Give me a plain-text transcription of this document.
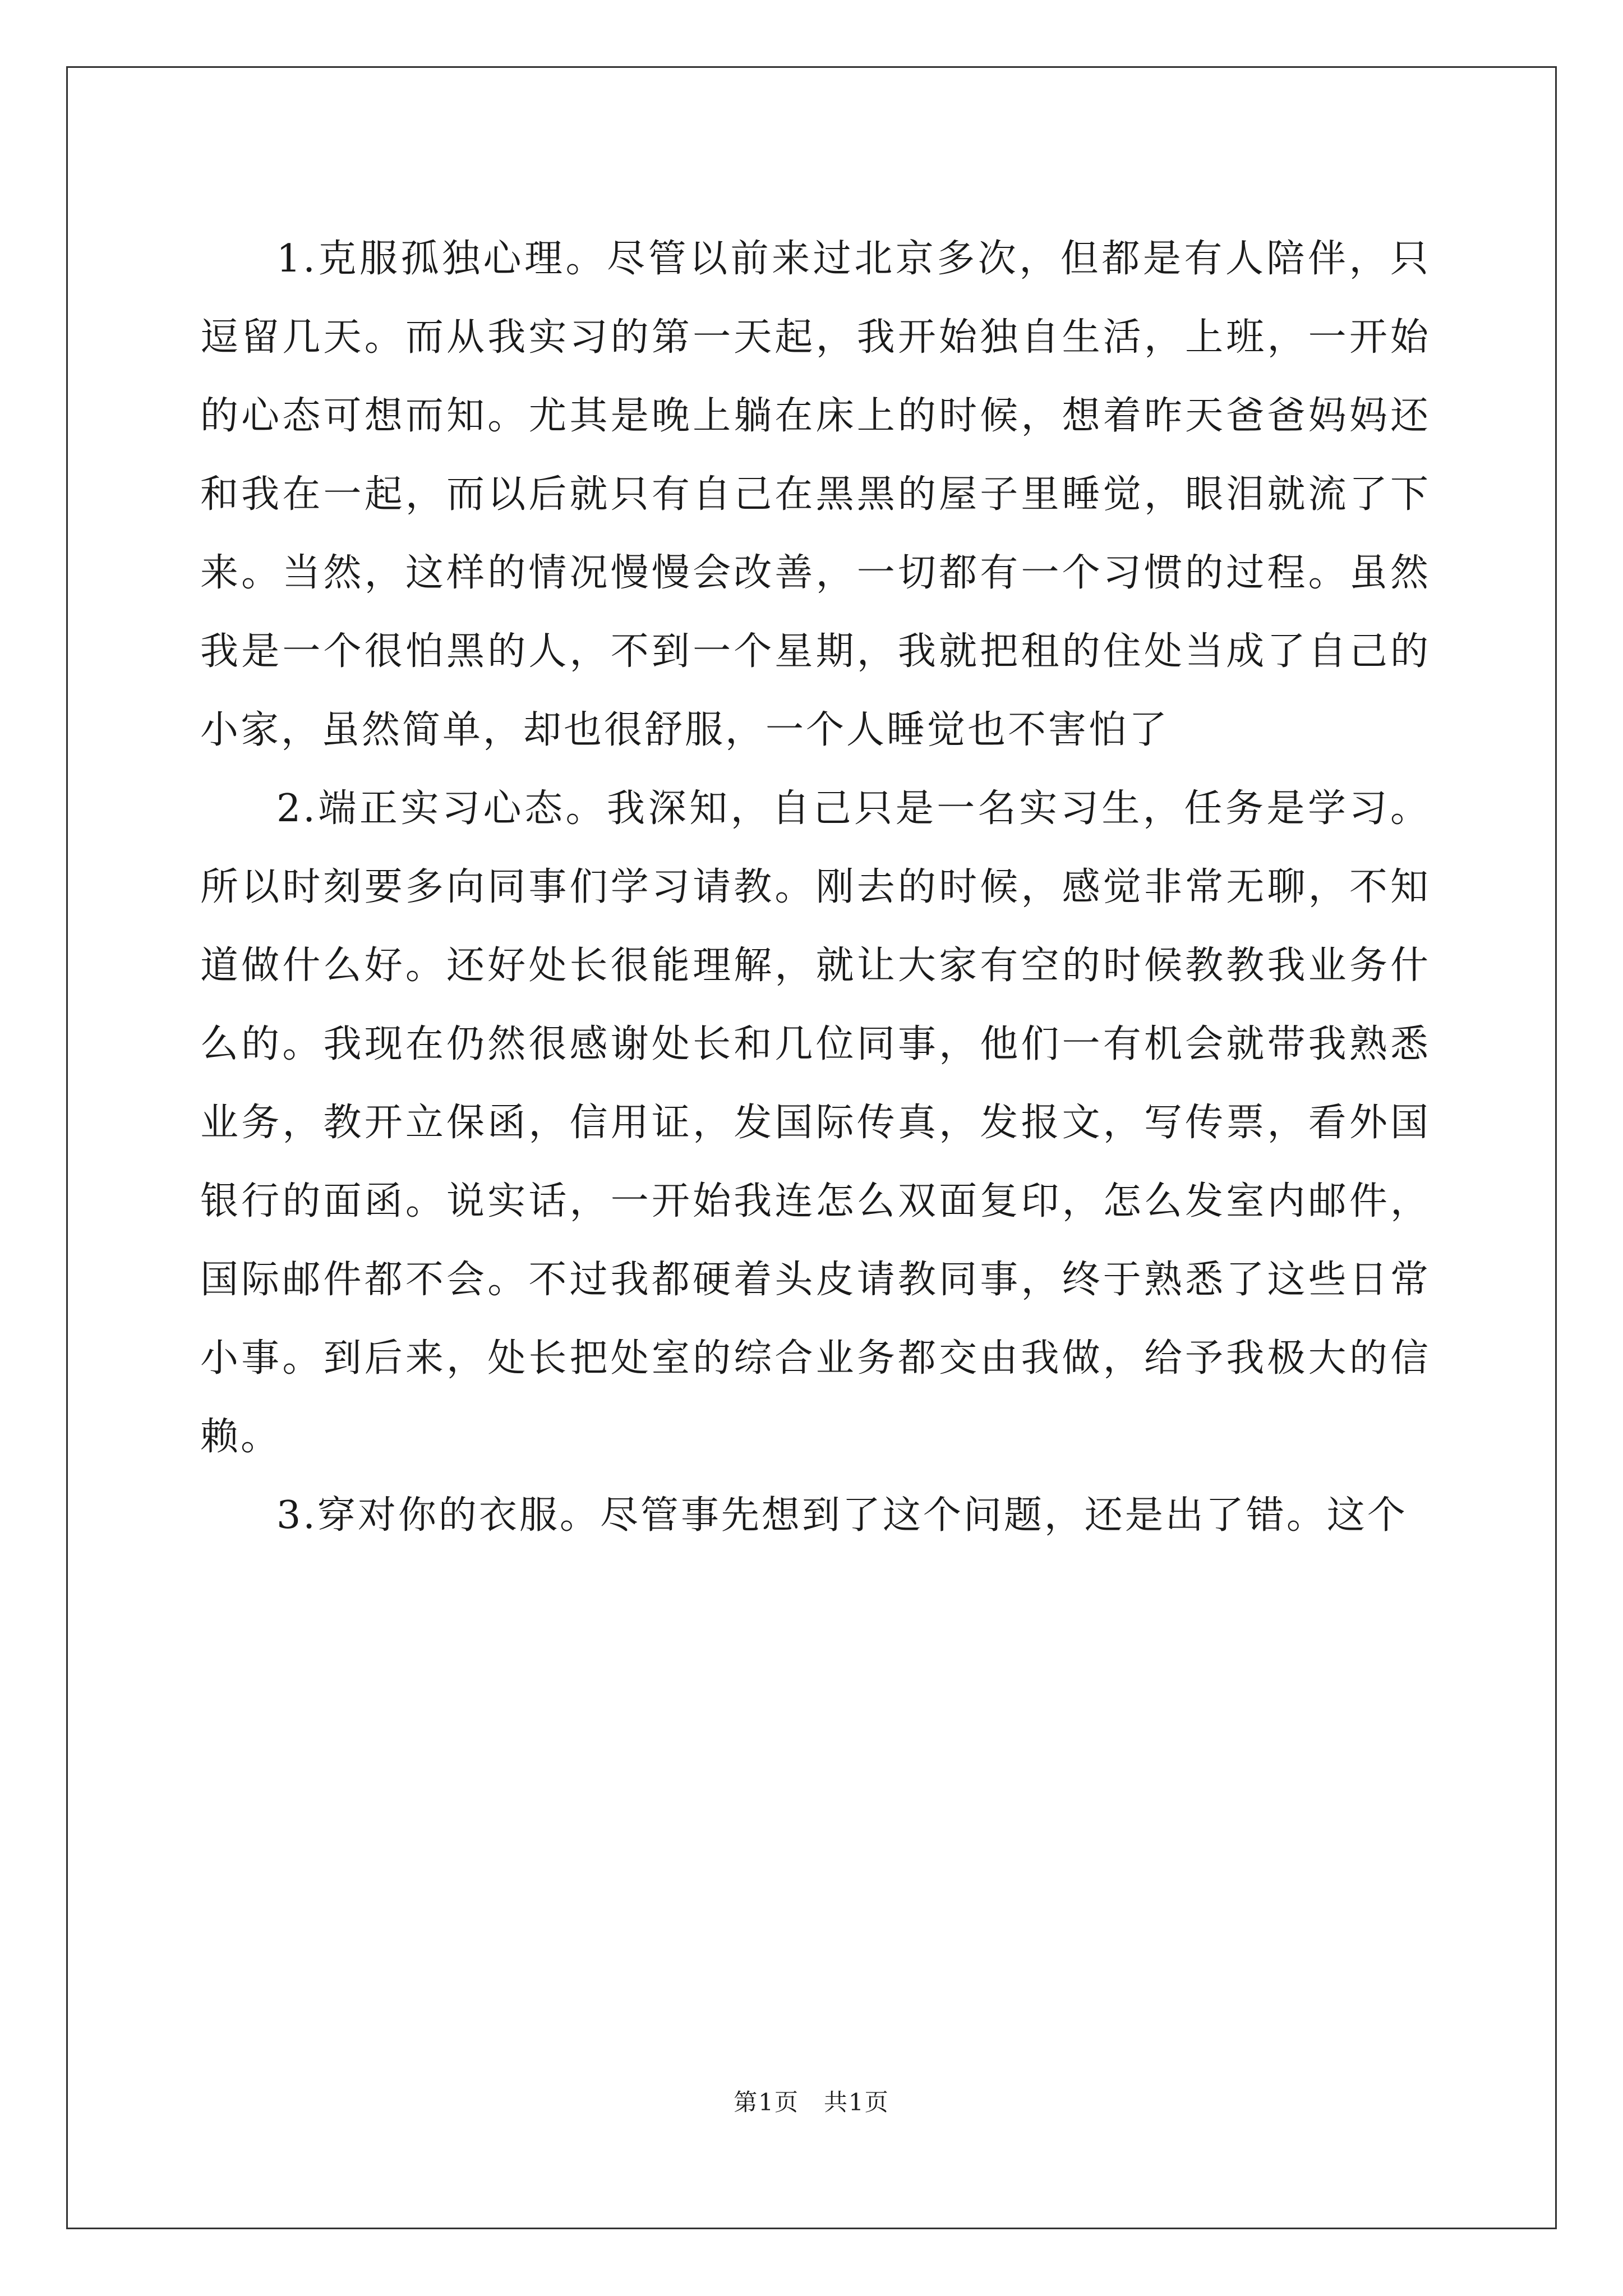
1.克服孤独心理。尽管以前来过北京多次，但都是有人陪伴，只逗留几天。而从我实习的第一天起，我开始独自生活，上班，一开始的心态可想而知。尤其是晚上躺在床上的时候，想着昨天爸爸妈妈还和我在一起，而以后就只有自己在黑黑的屋子里睡觉，眼泪就流了下来。当然，这样的情况慢慢会改善，一切都有一个习惯的过程。虽然我是一个很怕黑的人，不到一个星期，我就把租的住处当成了自己的小家，虽然简单，却也很舒服，一个人睡觉也不害怕了

2.端正实习心态。我深知，自己只是一名实习生，任务是学习。所以时刻要多向同事们学习请教。刚去的时候，感觉非常无聊，不知道做什么好。还好处长很能理解，就让大家有空的时候教教我业务什么的。我现在仍然很感谢处长和几位同事，他们一有机会就带我熟悉业务，教开立保函，信用证，发国际传真，发报文，写传票，看外国银行的面函。说实话，一开始我连怎么双面复印，怎么发室内邮件，国际邮件都不会。不过我都硬着头皮请教同事，终于熟悉了这些日常小事。到后来，处长把处室的综合业务都交由我做，给予我极大的信赖。

3.穿对你的衣服。尽管事先想到了这个问题，还是出了错。这个

第1页 共1页
